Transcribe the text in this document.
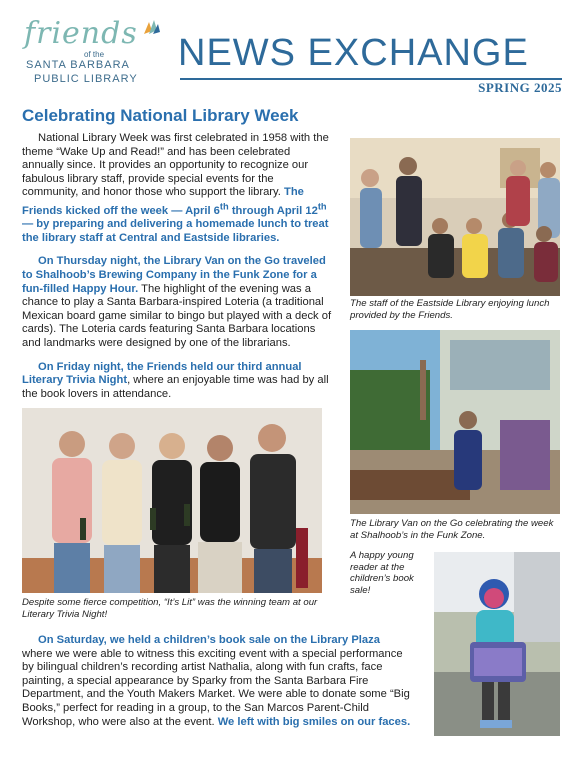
friends
of the
SANTA BARBARA
PUBLIC LIBRARY
NEWS EXCHANGE
SPRING 2025
Celebrating National Library Week

National Library Week was first celebrated in 1958 with the theme “Wake Up and Read!” and has been celebrated annually since. It provides an opportunity to recognize our fabulous library staff, provide special events for the community, and honor those who support the library. The Friends kicked off the week — April 6th through April 12th — by preparing and delivering a homemade lunch to treat the library staff at Central and Eastside libraries.

On Thursday night, the Library Van on the Go traveled to Shalhoob’s Brewing Company in the Funk Zone for a fun-filled Happy Hour. The highlight of the evening was a chance to play a Santa Barbara-inspired Loteria (a traditional Mexican board game similar to bingo but played with a deck of cards). The Loteria cards featuring Santa Barbara locations and landmarks were designed by one of the librarians.

On Friday night, the Friends held our third annual Literary Trivia Night, where an enjoyable time was had by all the book lovers in attendance.

On Saturday, we held a children’s book sale on the Library Plaza where we were able to witness this exciting event with a special performance by bilingual children’s recording artist Nathalia, along with fun crafts, face painting, a special appearance by Sparky from the Santa Barbara Fire Department, and the Youth Makers Market. We were able to donate some “Big Books,” perfect for reading in a group, to the San Marcos Parent-Child Workshop, who were also at the event. We left with big smiles on our faces.

The staff of the Eastside Library enjoying lunch provided by the Friends.
The Library Van on the Go celebrating the week at Shalhoob’s in the Funk Zone.
Despite some fierce competition, “It’s Lit” was the winning team at our Literary Trivia Night!
A happy young reader at the children’s book sale!
